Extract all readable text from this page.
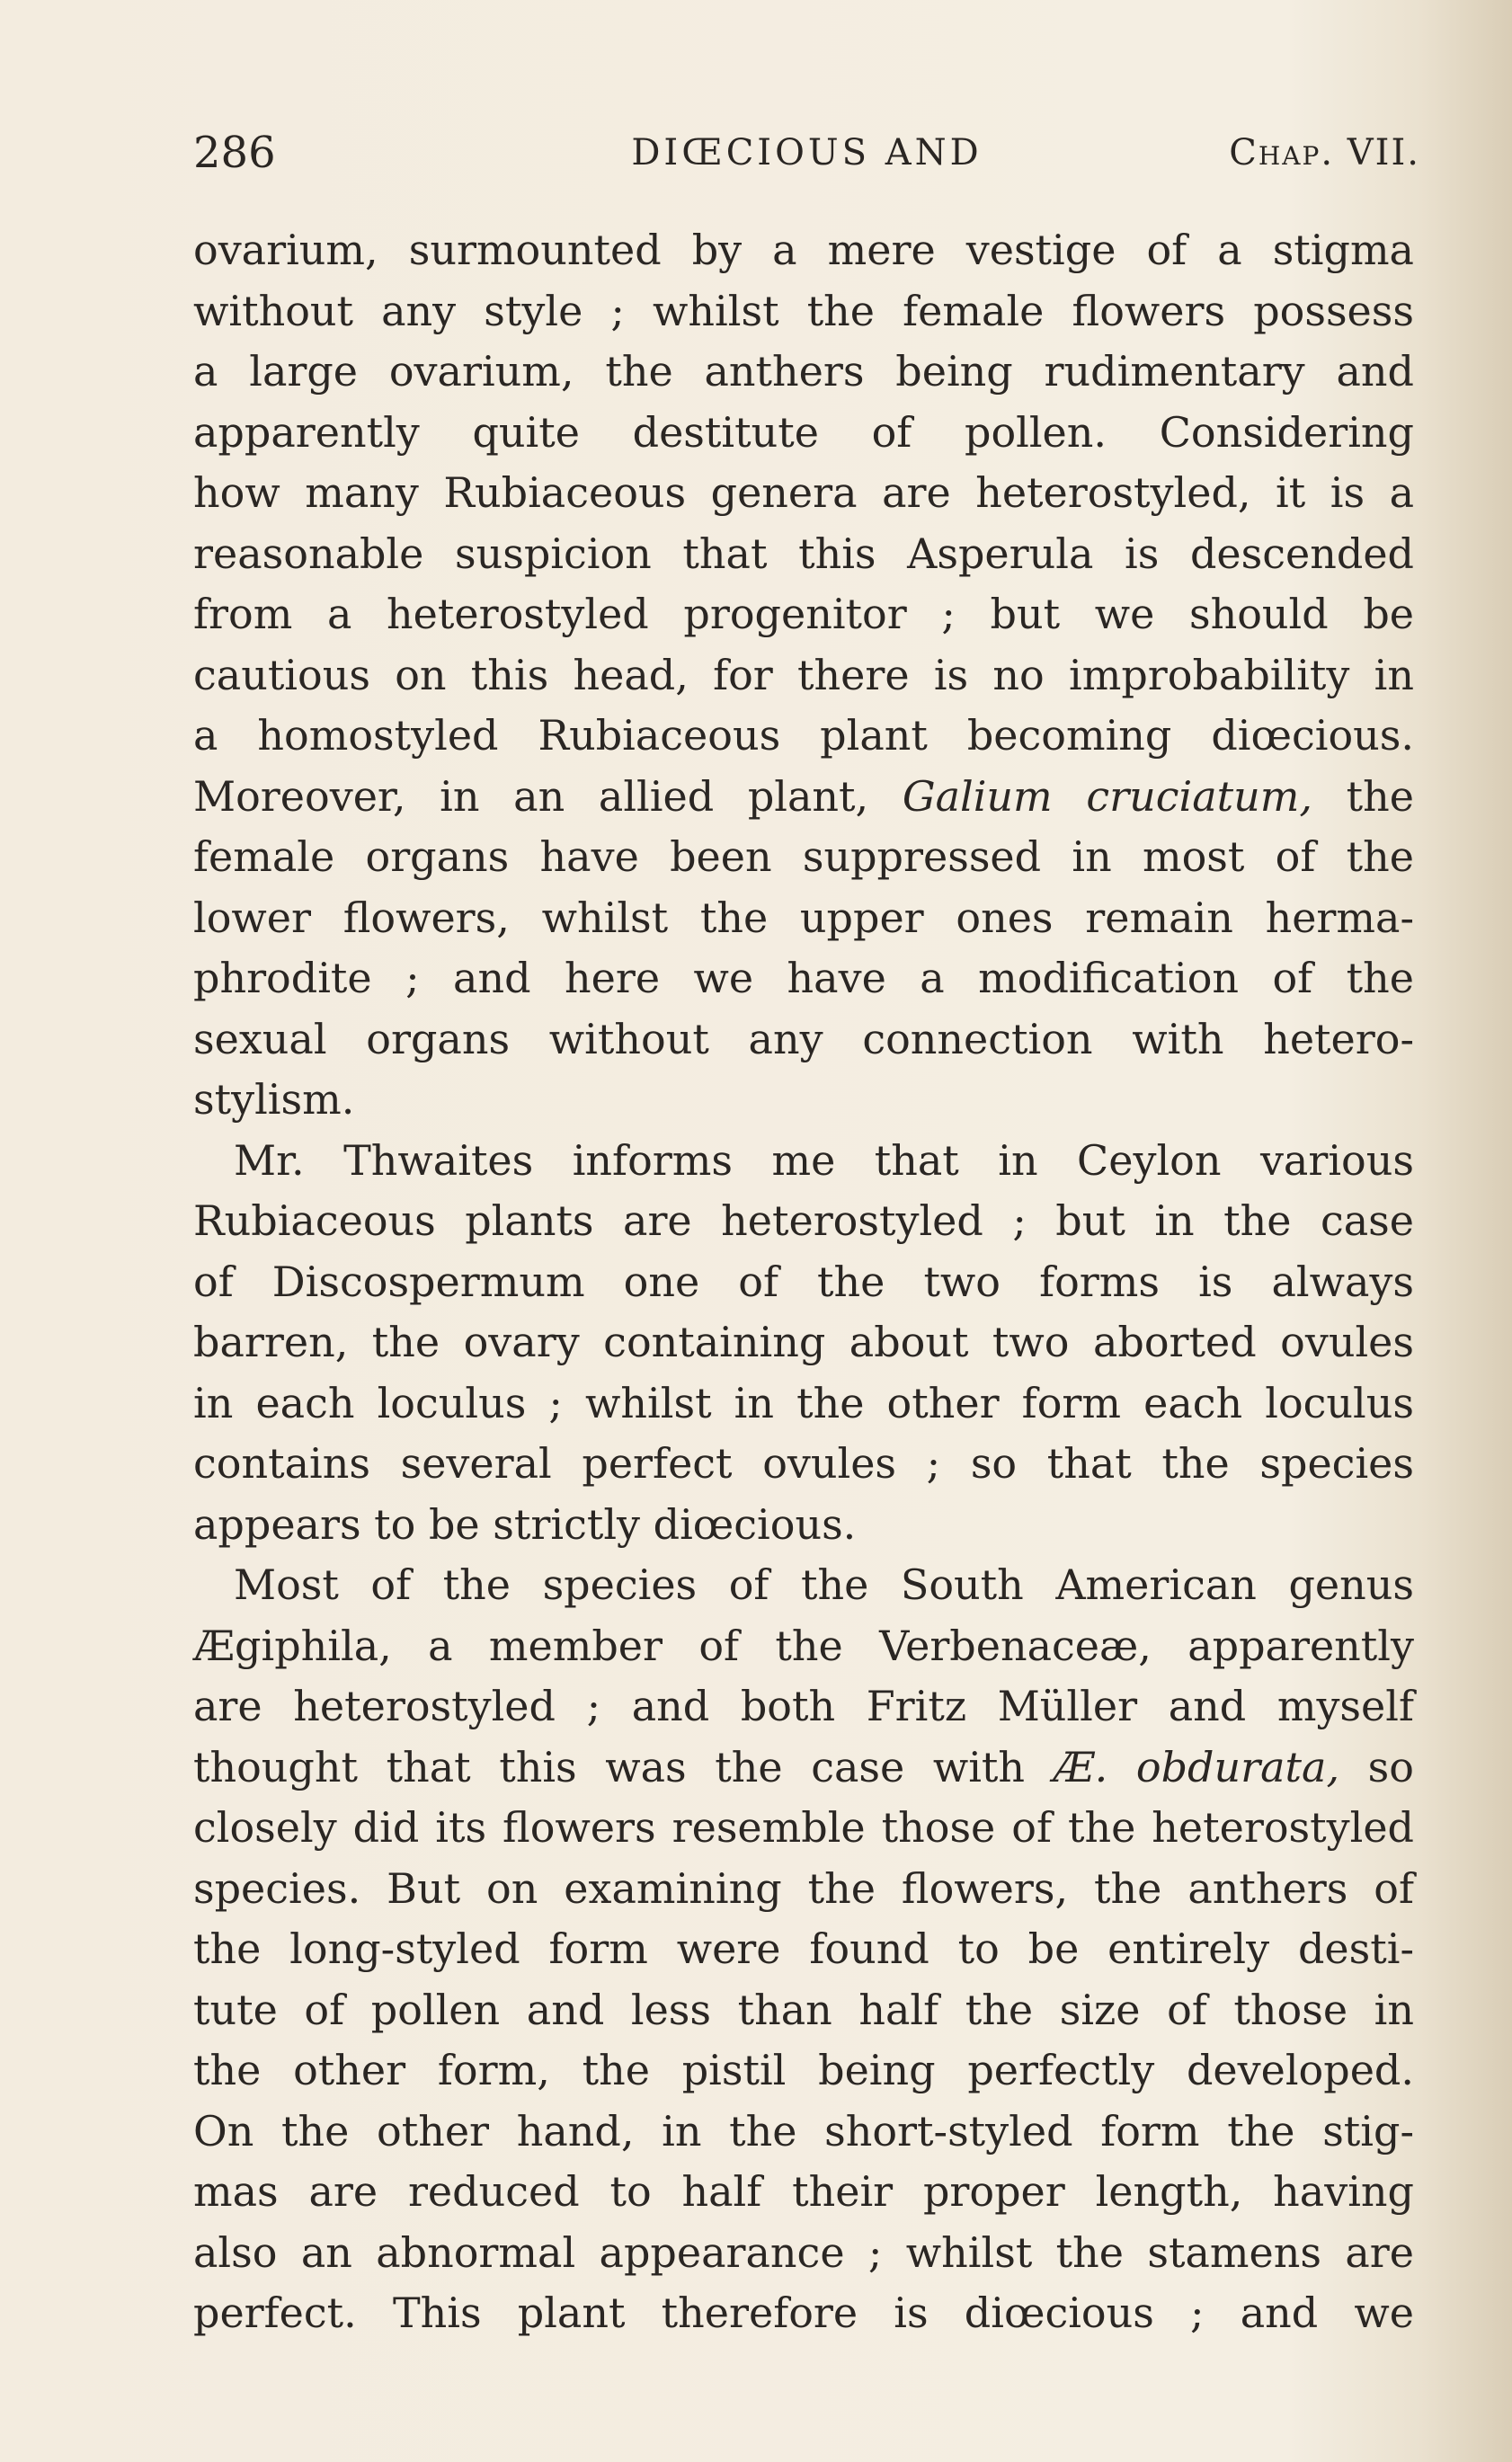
286	DIŒCIOUS AND	Chap. VII.
ovarium, surmounted by a mere vestige of a stigma
without any style ; whilst the female flowers possess
a large ovarium, the anthers being rudimentary and
apparently quite destitute of pollen. Considering
how many Rubiaceous genera are heterostyled, it is a
reasonable suspicion that this Asperula is descended
from a heterostyled progenitor ; but we should be
cautious on this head, for there is no improbability in
a homostyled Rubiaceous plant becoming diœcious.
Moreover, in an allied plant, Galium cruciatum, the
female organs have been suppressed in most of the
lower flowers, whilst the upper ones remain herma-
phrodite ; and here we have a modification of the
sexual organs without any connection with hetero-
stylism.
Mr. Thwaites informs me that in Ceylon various
Rubiaceous plants are heterostyled ; but in the case
of Discospermum one of the two forms is always
barren, the ovary containing about two aborted ovules
in each loculus ; whilst in the other form each loculus
contains several perfect ovules ; so that the species
appears to be strictly diœcious.
Most of the species of the South American genus
Ægiphila, a member of the Verbenaceæ, apparently
are heterostyled ; and both Fritz Müller and myself
thought that this was the case with Æ. obdurata, so
closely did its flowers resemble those of the heterostyled
species. But on examining the flowers, the anthers of
the long-styled form were found to be entirely desti-
tute of pollen and less than half the size of those in
the other form, the pistil being perfectly developed.
On the other hand, in the short-styled form the stig-
mas are reduced to half their proper length, having
also an abnormal appearance ; whilst the stamens are
perfect. This plant therefore is diœcious ; and we
